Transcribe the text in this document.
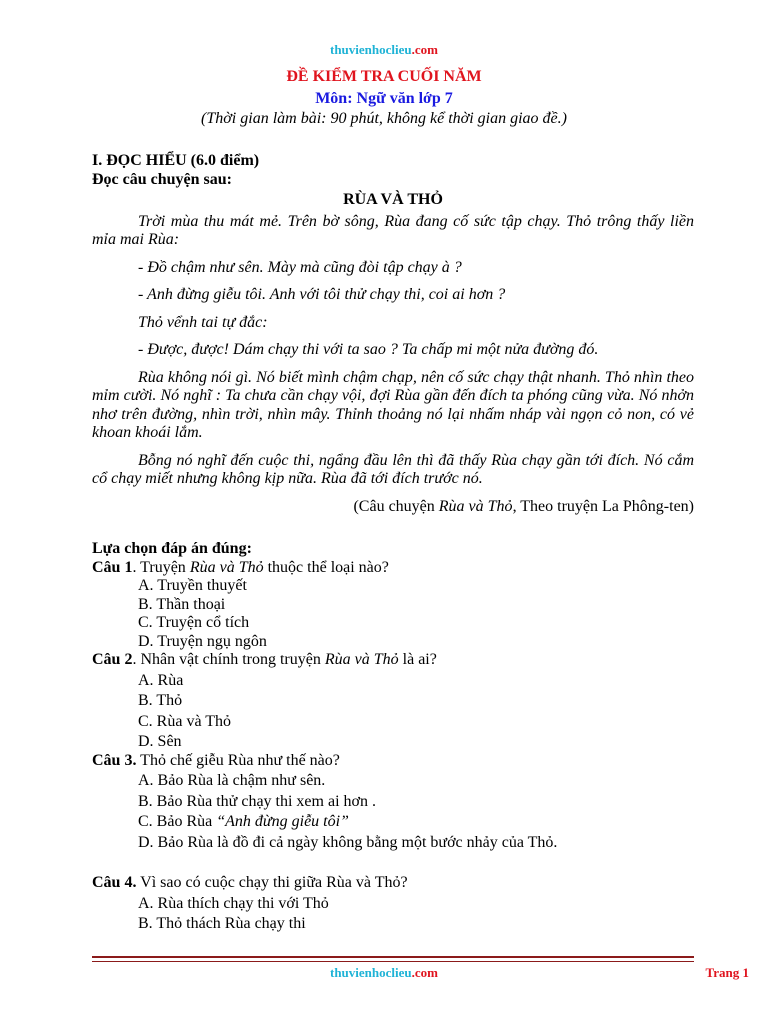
thuvienhoclieu.com
ĐỀ KIỂM TRA CUỐI NĂM
Môn: Ngữ văn lớp 7
(Thời gian làm bài: 90 phút, không kể thời gian giao đề.)
I. ĐỌC HIỂU (6.0 điểm)
Đọc câu chuyện sau:
RÙA VÀ THỎ
Trời mùa thu mát mẻ. Trên bờ sông, Rùa đang cố sức tập chạy. Thỏ trông thấy liền mỉa mai Rùa:
- Đồ chậm như sên. Mày mà cũng đòi tập chạy à ?
- Anh đừng giễu tôi. Anh với tôi thử chạy thi, coi ai hơn ?
Thỏ vểnh tai tự đắc:
- Được, được! Dám chạy thi với ta sao ? Ta chấp mi một nửa đường đó.
Rùa không nói gì. Nó biết mình chậm chạp, nên cố sức chạy thật nhanh. Thỏ nhìn theo mỉm cười. Nó nghĩ : Ta chưa cần chạy vội, đợi Rùa gần đến đích ta phóng cũng vừa. Nó nhởn nhơ trên đường, nhìn trời, nhìn mây. Thỉnh thoảng nó lại nhấm nháp vài ngọn cỏ non, có vẻ khoan khoái lắm.
Bỗng nó nghĩ đến cuộc thi, ngẩng đầu lên thì đã thấy Rùa chạy gần tới đích. Nó cắm cổ chạy miết nhưng không kịp nữa. Rùa đã tới đích trước nó.
(Câu chuyện Rùa và Thỏ, Theo truyện La Phông-ten)
Lựa chọn đáp án đúng:
Câu 1. Truyện Rùa và Thỏ thuộc thể loại nào?
A. Truyền thuyết
B. Thần thoại
C. Truyện cổ tích
D. Truyện ngụ ngôn
Câu 2. Nhân vật chính trong truyện Rùa và Thỏ là ai?
A. Rùa
B. Thỏ
C. Rùa và Thỏ
D. Sên
Câu 3. Thỏ chế giễu Rùa như thế nào?
A. Bảo Rùa là chậm như sên.
B. Bảo Rùa thử chạy thi xem ai hơn .
C. Bảo Rùa “Anh đừng giễu tôi”
D. Bảo Rùa là đồ đi cả ngày không bằng một bước nhảy của Thỏ.
Câu 4. Vì sao có cuộc chạy thi giữa Rùa và Thỏ?
A. Rùa thích chạy thi với Thỏ
B. Thỏ thách Rùa chạy thi
thuvienhoclieu.com	Trang 1
